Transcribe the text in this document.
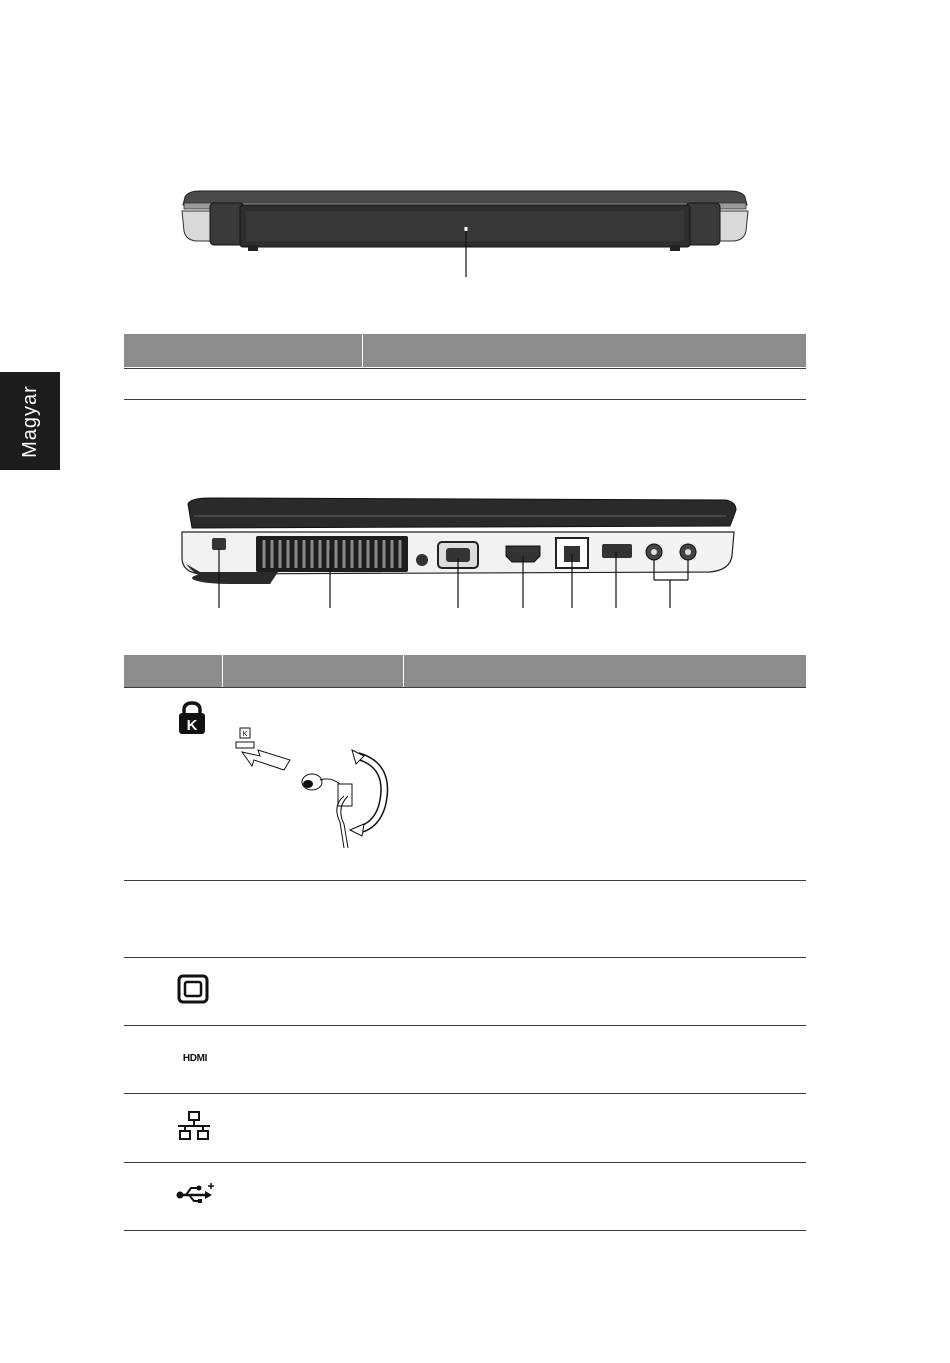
Magyar
K
K
HDMI
